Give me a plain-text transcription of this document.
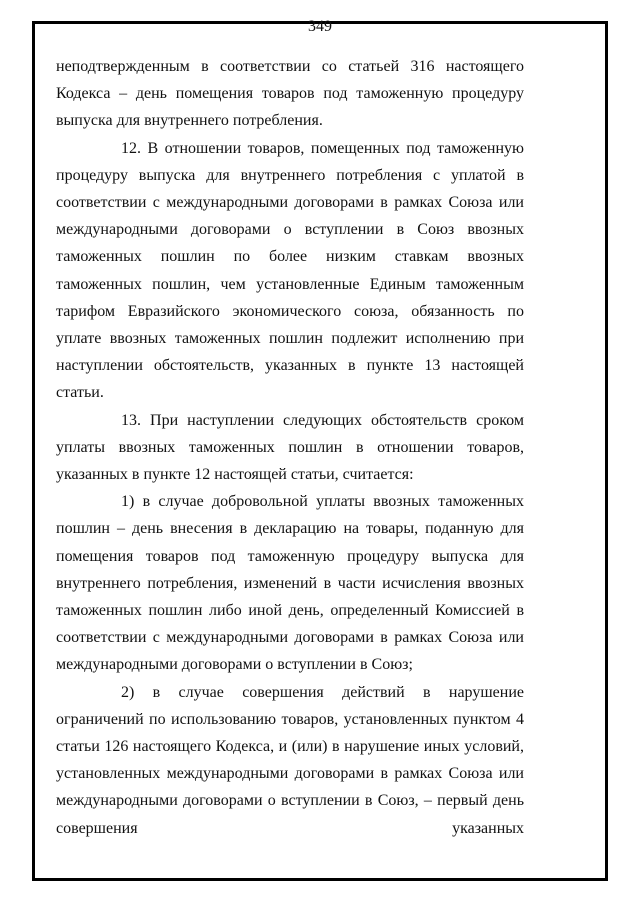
349

неподтвержденным в соответствии со статьей 316 настоящего Кодекса – день помещения товаров под таможенную процедуру выпуска для внутреннего потребления.

12. В отношении товаров, помещенных под таможенную процедуру выпуска для внутреннего потребления с уплатой в соответствии с международными договорами в рамках Союза или международными договорами о вступлении в Союз ввозных таможенных пошлин по более низким ставкам ввозных таможенных пошлин, чем установленные Единым таможенным тарифом Евразийского экономического союза, обязанность по уплате ввозных таможенных пошлин подлежит исполнению при наступлении обстоятельств, указанных в пункте 13 настоящей статьи.

13. При наступлении следующих обстоятельств сроком уплаты ввозных таможенных пошлин в отношении товаров, указанных в пункте 12 настоящей статьи, считается:

1) в случае добровольной уплаты ввозных таможенных пошлин – день внесения в декларацию на товары, поданную для помещения товаров под таможенную процедуру выпуска для внутреннего потребления, изменений в части исчисления ввозных таможенных пошлин либо иной день, определенный Комиссией в соответствии с международными договорами в рамках Союза или международными договорами о вступлении в Союз;

2) в случае совершения действий в нарушение ограничений по использованию товаров, установленных пунктом 4 статьи 126 настоящего Кодекса, и (или) в нарушение иных условий, установленных международными договорами в рамках Союза или международными договорами о вступлении в Союз, – первый день совершения указанных
